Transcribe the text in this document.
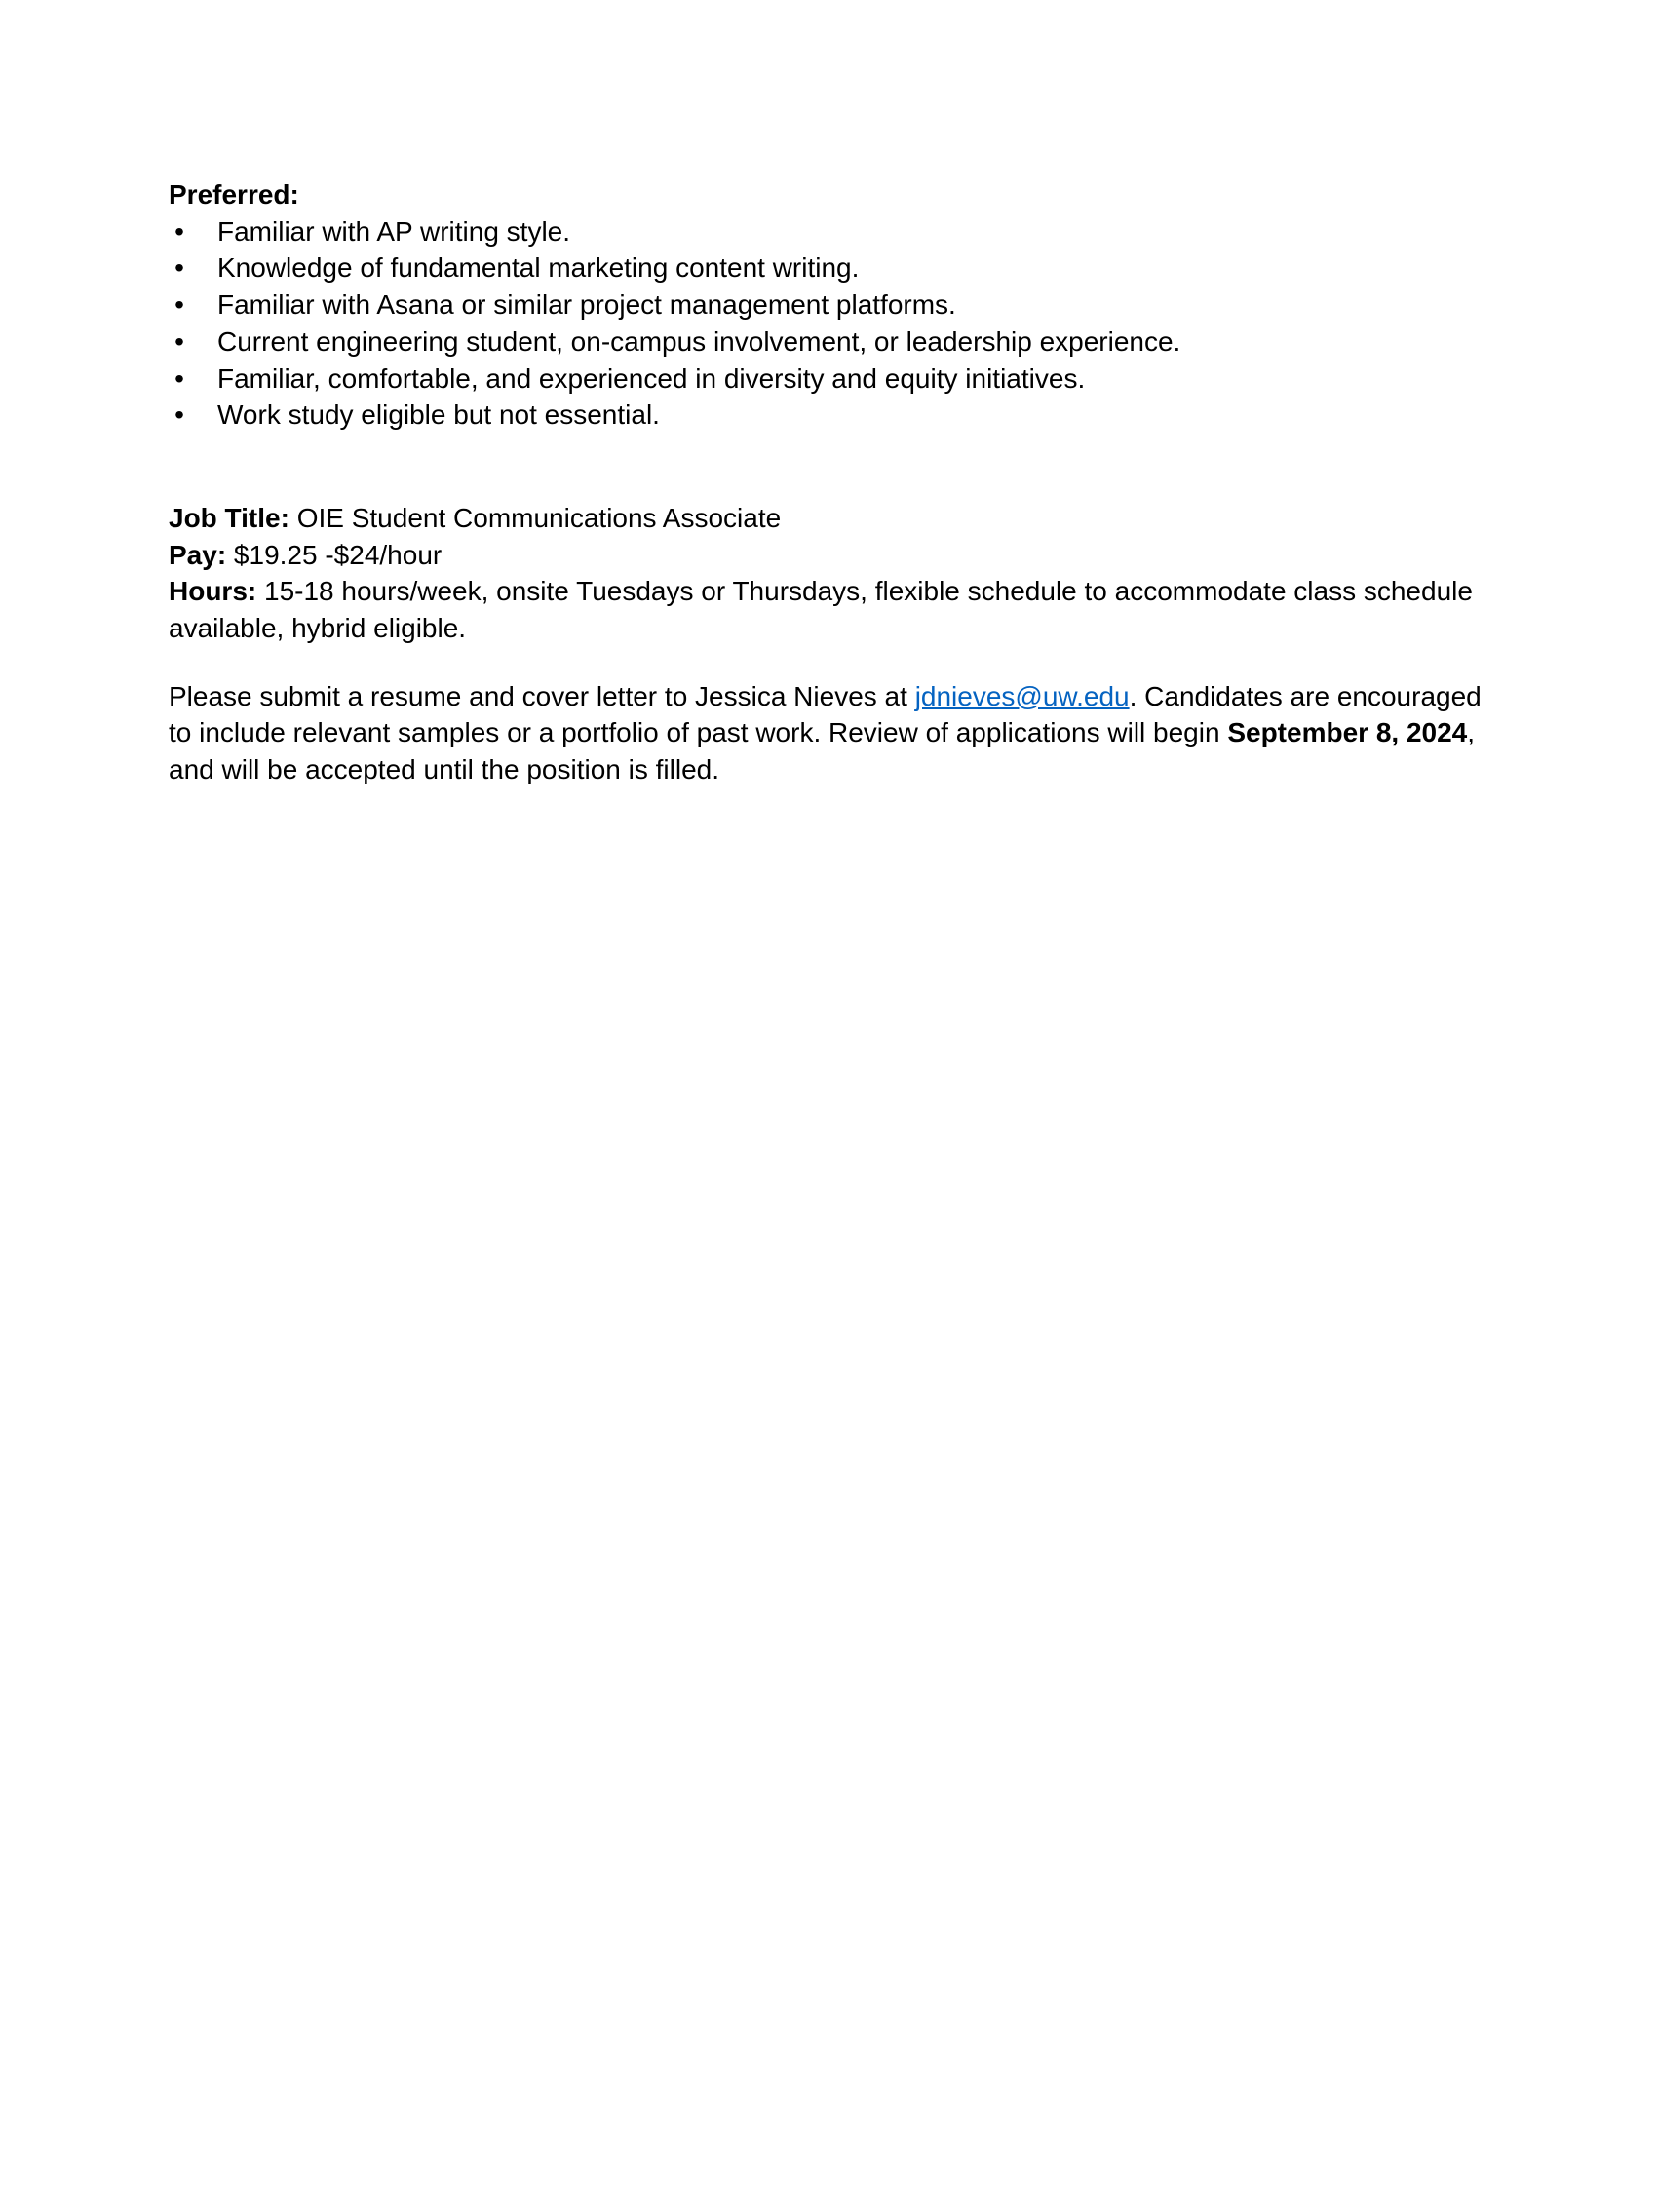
Preferred:

• Familiar with AP writing style.
• Knowledge of fundamental marketing content writing.
• Familiar with Asana or similar project management platforms.
• Current engineering student, on-campus involvement, or leadership experience.
• Familiar, comfortable, and experienced in diversity and equity initiatives.
• Work study eligible but not essential.

Job Title: OIE Student Communications Associate

Pay: $19.25 -$24/hour

Hours: 15-18 hours/week, onsite Tuesdays or Thursdays, flexible schedule to accommodate class schedule available, hybrid eligible.

Please submit a resume and cover letter to Jessica Nieves at jdnieves@uw.edu. Candidates are encouraged to include relevant samples or a portfolio of past work. Review of applications will begin September 8, 2024, and will be accepted until the position is filled.
